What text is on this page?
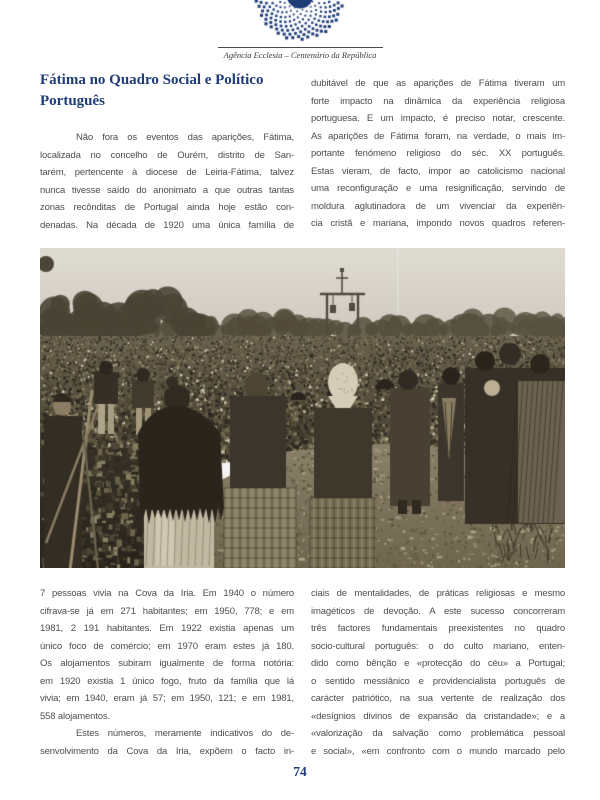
Agência Ecclesia – Centenário da República
Fátima no Quadro Social e Político Português
Não fora os eventos das aparições, Fátima,
localizada no concelho de Ourém, distrito de San-
tarém, pertencente à diocese de Leiria-Fátima, talvez
nunca tivesse saído do anonimato a que outras tantas
zonas recônditas de Portugal ainda hoje estão con-
denadas. Na década de 1920 uma única família de
dubitável de que as aparições de Fátima tiveram um
forte impacto na dinâmica da experiência religiosa
portuguesa. E um impacto, é preciso notar, crescente.
As aparições de Fátima foram, na verdade, o mais im-
portante fenómeno religioso do séc. XX português.
Estas vieram, de facto, impor ao catolicismo nacional
uma reconfiguração e uma resignificação, servindo de
moldura aglutinadora de um vivenciar da experiên-
cia cristã e mariana, impondo novos quadros referen-
7 pessoas vivia na Cova da Iria. Em 1940 o número
cifrava-se já em 271 habitantes; em 1950, 778; e em
1981, 2 191 habitantes. Em 1922 existia apenas um
único foco de comércio; em 1970 eram estes já 180.
Os alojamentos subiram igualmente de forma notória:
em 1920 existia 1 único fogo, fruto da família que lá
vivia; em 1940, eram já 57; em 1950, 121; e em 1981,
558 alojamentos.
Estes números, meramente indicativos do de-
senvolvimento da Cova da Iria, expõem o facto in-
ciais de mentalidades, de práticas religiosas e mesmo
imagéticos de devoção. A este sucesso concorreram
três factores fundamentais preexistentes no quadro
socio-cultural português: o do culto mariano, enten-
dido como bênção e «protecção do céu» a Portugal;
o sentido messiânico e providencialista português de
carácter patriótico, na sua vertente de realização dos
«desígnios divinos de expansão da cristandade»; e a
«valorização da salvação como problemática pessoal
e social», «em confronto com o mundo marcado pelo
74
